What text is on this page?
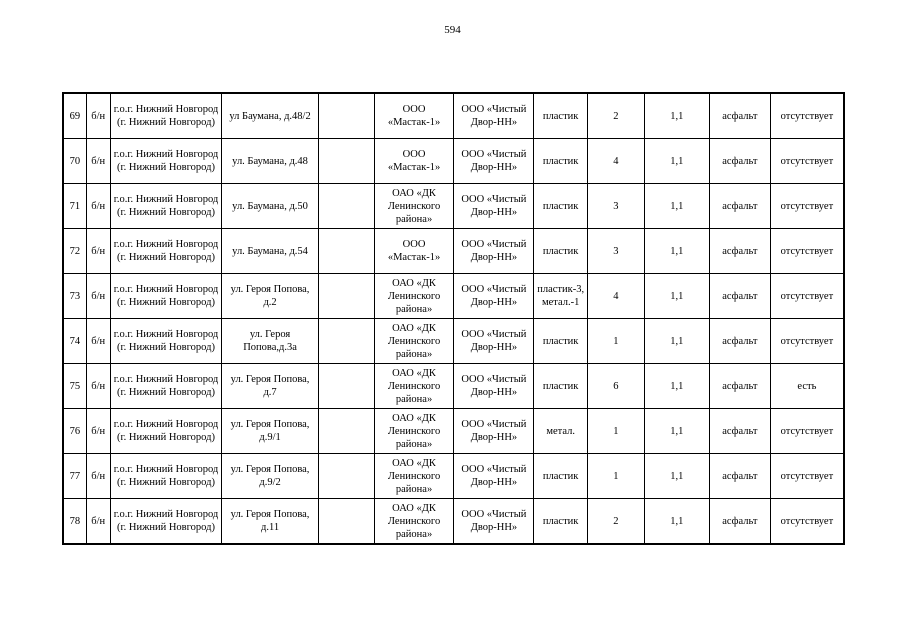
594
69	б/н	г.о.г. Нижний Новгород (г. Нижний Новгород)	ул Баумана, д.48/2		ООО «Мастак-1»	ООО «Чистый Двор-НН»	пластик	2	1,1	асфальт	отсутствует
70	б/н	г.о.г. Нижний Новгород (г. Нижний Новгород)	ул. Баумана, д.48		ООО «Мастак-1»	ООО «Чистый Двор-НН»	пластик	4	1,1	асфальт	отсутствует
71	б/н	г.о.г. Нижний Новгород (г. Нижний Новгород)	ул. Баумана, д.50		ОАО «ДК Ленинского района»	ООО «Чистый Двор-НН»	пластик	3	1,1	асфальт	отсутствует
72	б/н	г.о.г. Нижний Новгород (г. Нижний Новгород)	ул. Баумана, д.54		ООО «Мастак-1»	ООО «Чистый Двор-НН»	пластик	3	1,1	асфальт	отсутствует
73	б/н	г.о.г. Нижний Новгород (г. Нижний Новгород)	ул. Героя Попова, д.2		ОАО «ДК Ленинского района»	ООО «Чистый Двор-НН»	пластик-3, метал.-1	4	1,1	асфальт	отсутствует
74	б/н	г.о.г. Нижний Новгород (г. Нижний Новгород)	ул. Героя Попова,д.3а		ОАО «ДК Ленинского района»	ООО «Чистый Двор-НН»	пластик	1	1,1	асфальт	отсутствует
75	б/н	г.о.г. Нижний Новгород (г. Нижний Новгород)	ул. Героя Попова, д.7		ОАО «ДК Ленинского района»	ООО «Чистый Двор-НН»	пластик	6	1,1	асфальт	есть
76	б/н	г.о.г. Нижний Новгород (г. Нижний Новгород)	ул. Героя Попова, д.9/1		ОАО «ДК Ленинского района»	ООО «Чистый Двор-НН»	метал.	1	1,1	асфальт	отсутствует
77	б/н	г.о.г. Нижний Новгород (г. Нижний Новгород)	ул. Героя Попова, д.9/2		ОАО «ДК Ленинского района»	ООО «Чистый Двор-НН»	пластик	1	1,1	асфальт	отсутствует
78	б/н	г.о.г. Нижний Новгород (г. Нижний Новгород)	ул. Героя Попова, д.11		ОАО «ДК Ленинского района»	ООО «Чистый Двор-НН»	пластик	2	1,1	асфальт	отсутствует
